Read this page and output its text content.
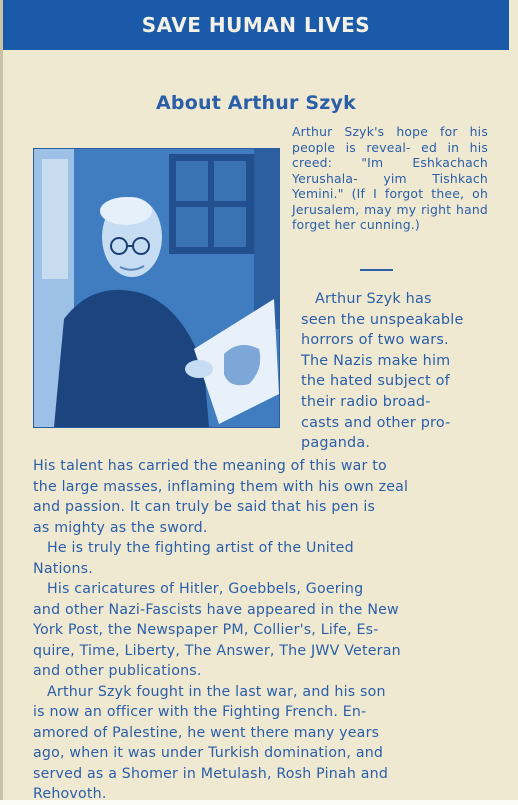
SAVE HUMAN LIVES
About Arthur Szyk
Arthur Szyk's hope for his people is reveal- ed in his creed: "Im Eshkachach Yerushala- yim Tishkach Yemini." (If I forgot thee, oh Jerusalem, may my right hand forget her cunning.)
Arthur Szyk has
seen the unspeakable
horrors of two wars.
The Nazis make him
the hated subject of
their radio broad-
casts and other pro-
paganda.
His talent has carried the meaning of this war to
the large masses, inflaming them with his own zeal
and passion. It can truly be said that his pen is
as mighty as the sword.
He is truly the fighting artist of the United
Nations.
His caricatures of Hitler, Goebbels, Goering
and other Nazi-Fascists have appeared in the New
York Post, the Newspaper PM, Collier's, Life, Es-
quire, Time, Liberty, The Answer, The JWV Veteran
and other publications.
Arthur Szyk fought in the last war, and his son
is now an officer with the Fighting French. En-
amored of Palestine, he went there many years
ago, when it was under Turkish domination, and
served as a Shomer in Metulash, Rosh Pinah and
Rehovoth.
